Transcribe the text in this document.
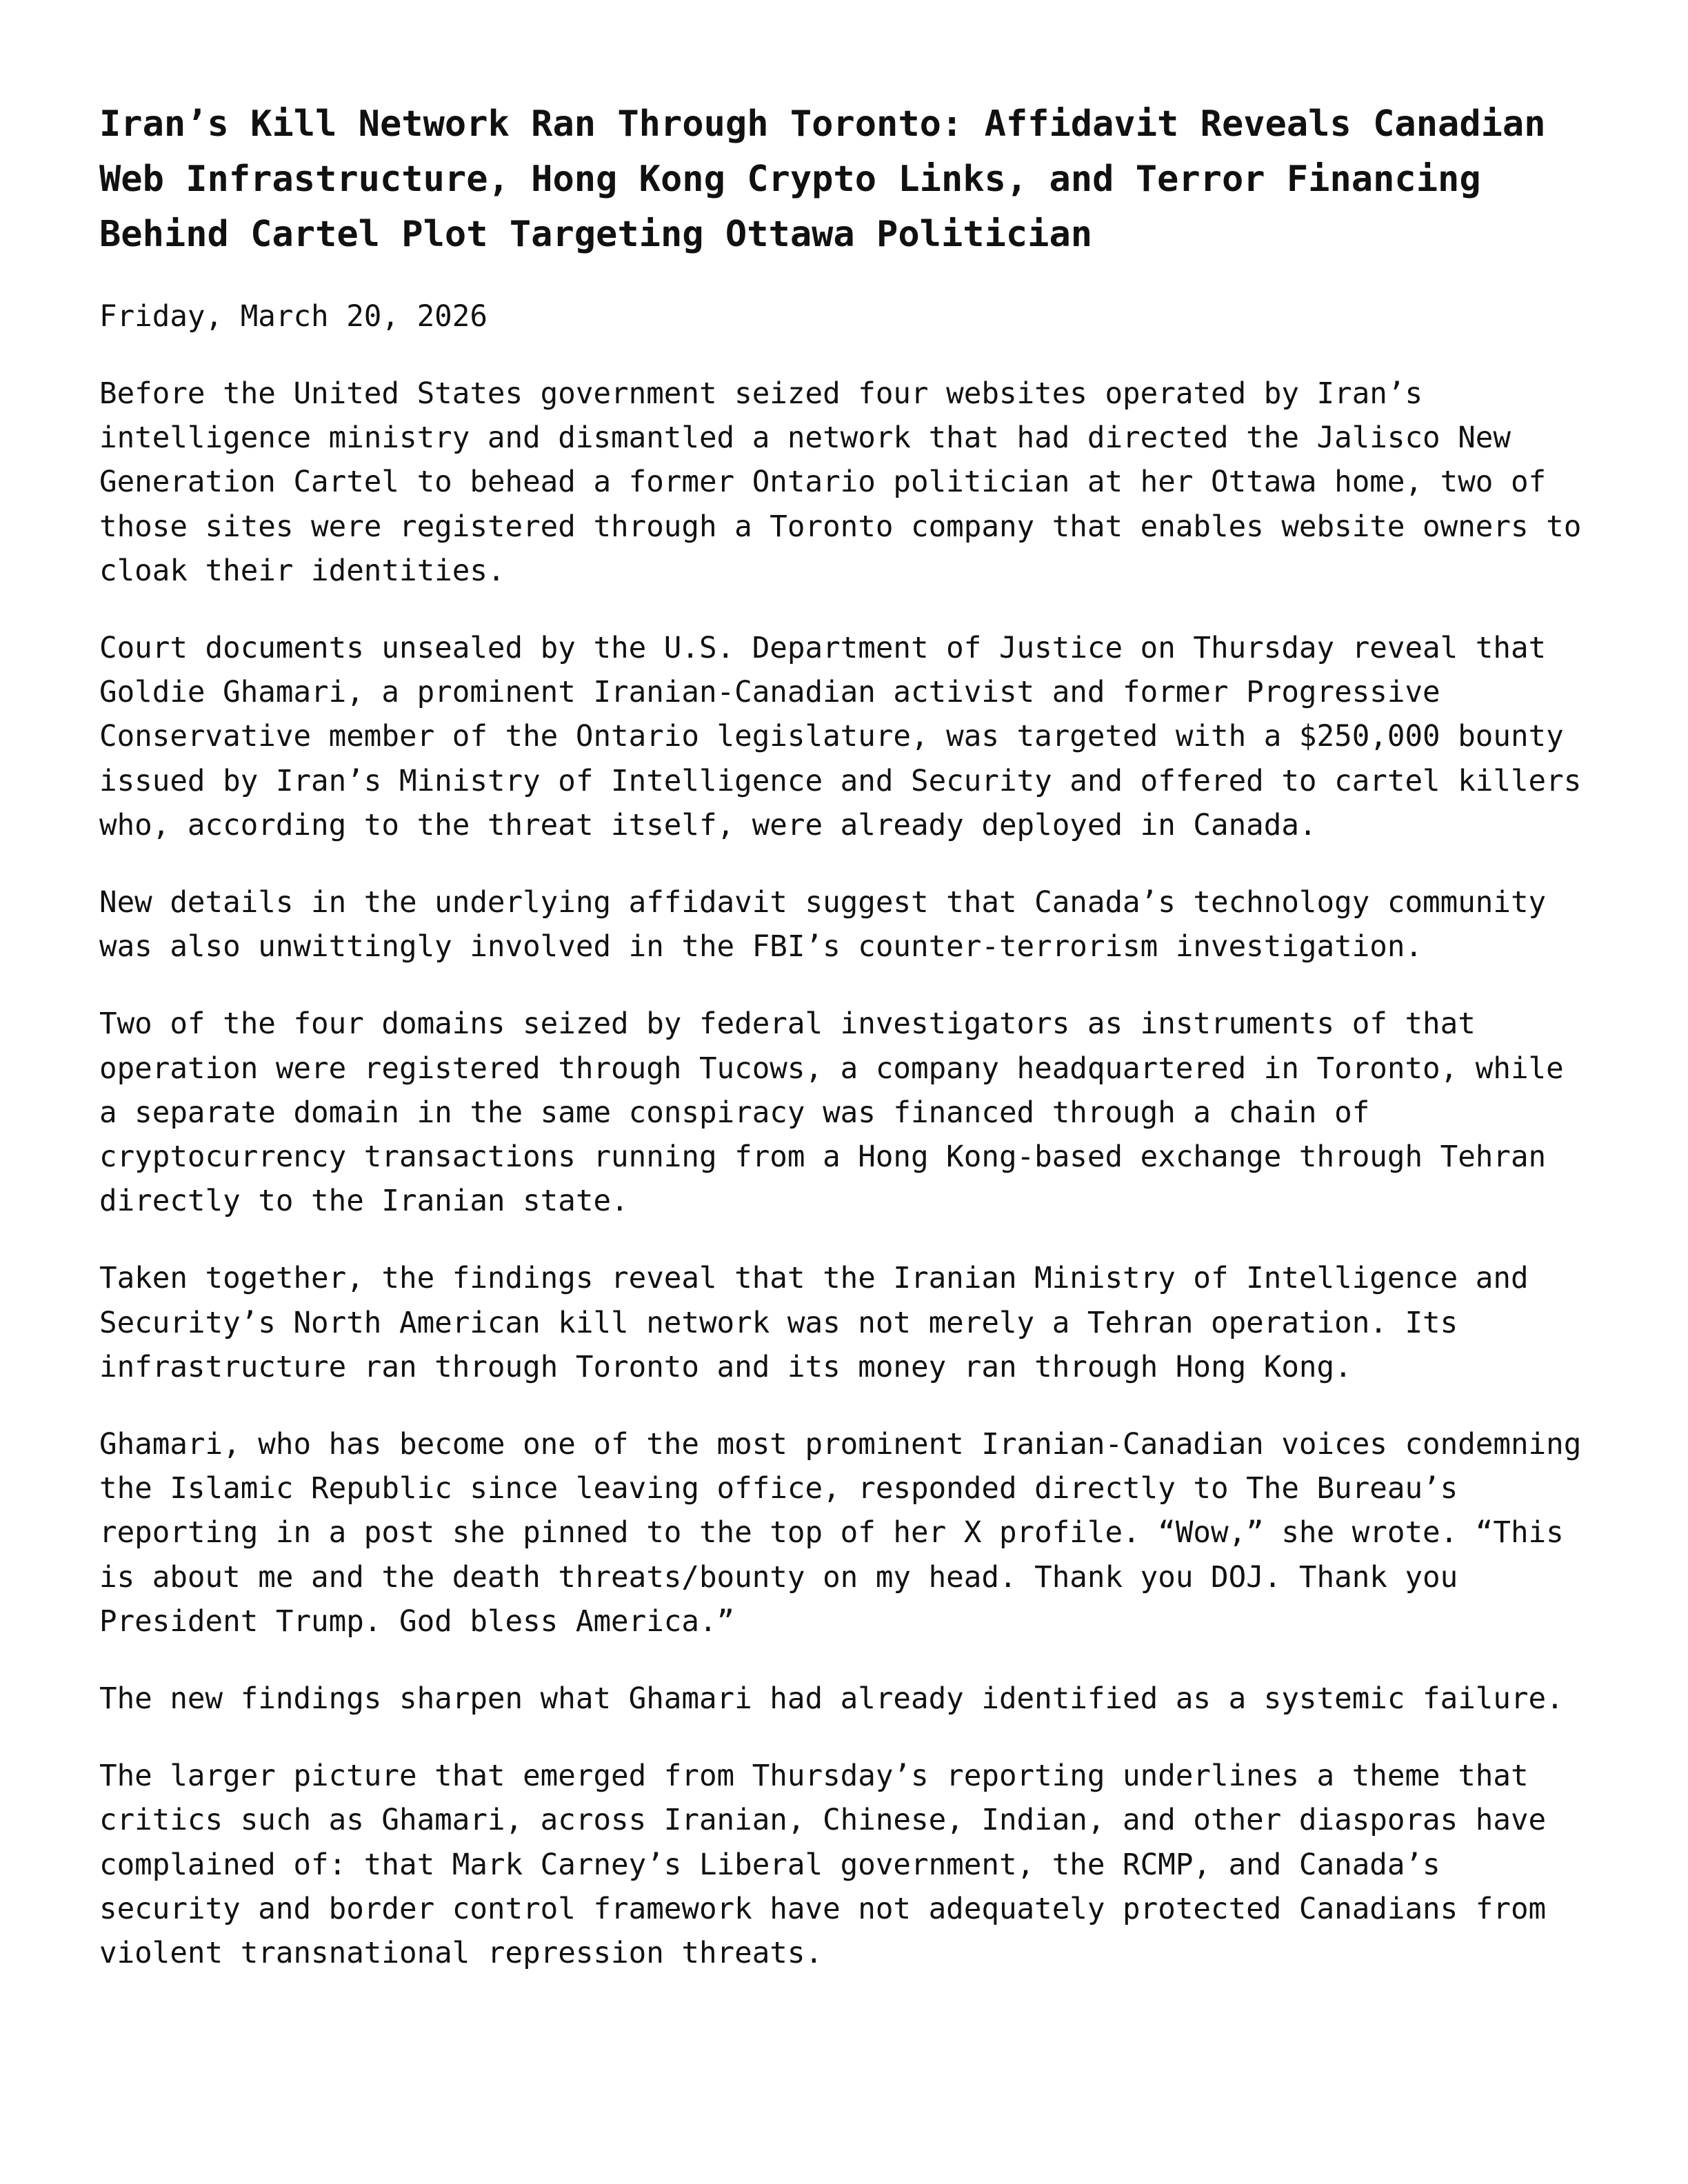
Iran’s Kill Network Ran Through Toronto: Affidavit Reveals Canadian Web Infrastructure, Hong Kong Crypto Links, and Terror Financing Behind Cartel Plot Targeting Ottawa Politician

Friday, March 20, 2026

Before the United States government seized four websites operated by Iran’s intelligence ministry and dismantled a network that had directed the Jalisco New Generation Cartel to behead a former Ontario politician at her Ottawa home, two of those sites were registered through a Toronto company that enables website owners to cloak their identities.

Court documents unsealed by the U.S. Department of Justice on Thursday reveal that Goldie Ghamari, a prominent Iranian-Canadian activist and former Progressive Conservative member of the Ontario legislature, was targeted with a $250,000 bounty issued by Iran’s Ministry of Intelligence and Security and offered to cartel killers who, according to the threat itself, were already deployed in Canada.

New details in the underlying affidavit suggest that Canada’s technology community was also unwittingly involved in the FBI’s counter-terrorism investigation.

Two of the four domains seized by federal investigators as instruments of that operation were registered through Tucows, a company headquartered in Toronto, while a separate domain in the same conspiracy was financed through a chain of cryptocurrency transactions running from a Hong Kong-based exchange through Tehran directly to the Iranian state.

Taken together, the findings reveal that the Iranian Ministry of Intelligence and Security’s North American kill network was not merely a Tehran operation. Its infrastructure ran through Toronto and its money ran through Hong Kong.

Ghamari, who has become one of the most prominent Iranian-Canadian voices condemning the Islamic Republic since leaving office, responded directly to The Bureau’s reporting in a post she pinned to the top of her X profile. “Wow,” she wrote. “This is about me and the death threats/bounty on my head. Thank you DOJ. Thank you President Trump. God bless America.”

The new findings sharpen what Ghamari had already identified as a systemic failure.

The larger picture that emerged from Thursday’s reporting underlines a theme that critics such as Ghamari, across Iranian, Chinese, Indian, and other diasporas have complained of: that Mark Carney’s Liberal government, the RCMP, and Canada’s security and border control framework have not adequately protected Canadians from violent transnational repression threats.
